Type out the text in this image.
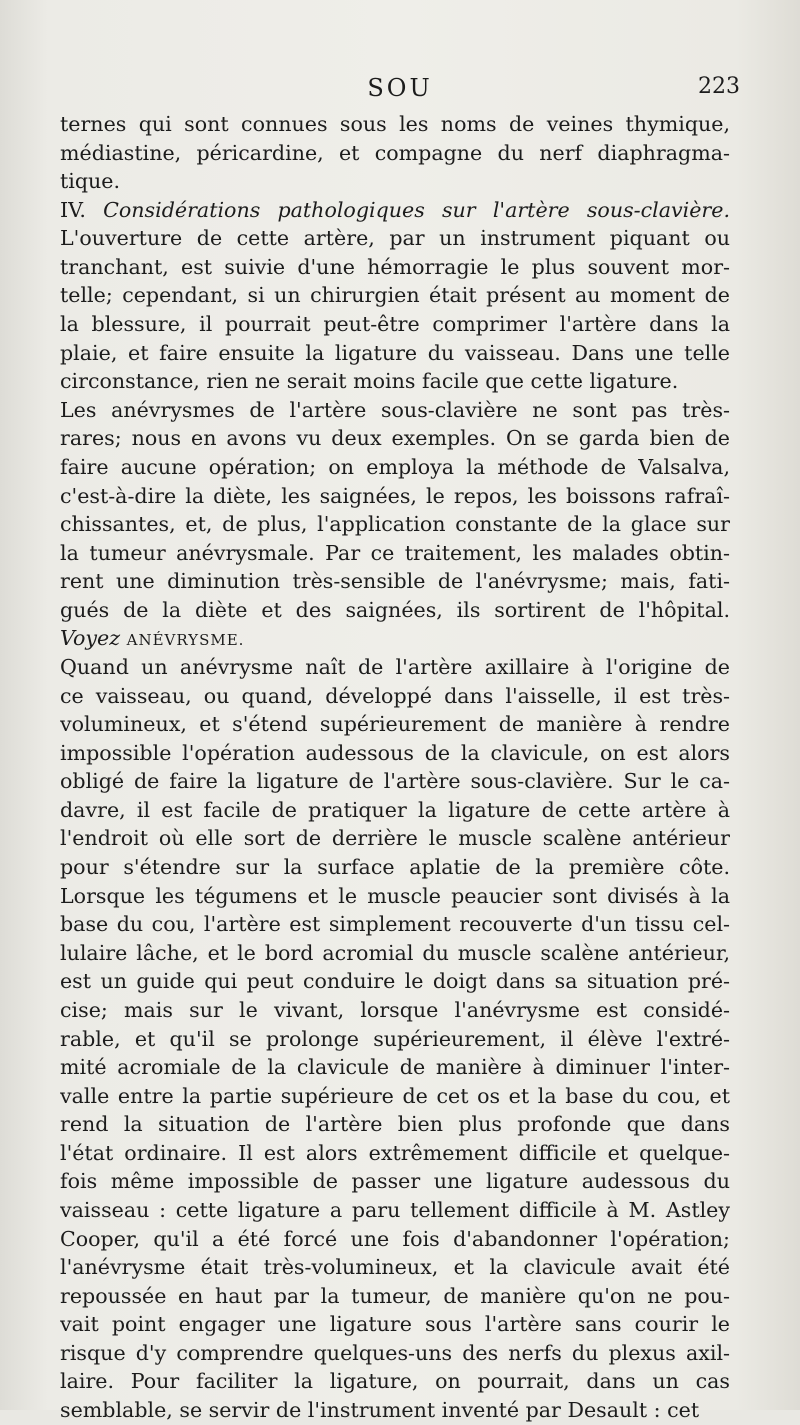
SOU	223
ternes qui sont connues sous les noms de veines thymique,
médiastine, péricardine, et compagne du nerf diaphragma-
tique.
IV. Considérations pathologiques sur l'artère sous-clavière.
L'ouverture de cette artère, par un instrument piquant ou
tranchant, est suivie d'une hémorragie le plus souvent mor-
telle; cependant, si un chirurgien était présent au moment de
la blessure, il pourrait peut-être comprimer l'artère dans la
plaie, et faire ensuite la ligature du vaisseau. Dans une telle
circonstance, rien ne serait moins facile que cette ligature.
Les anévrysmes de l'artère sous-clavière ne sont pas très-
rares; nous en avons vu deux exemples. On se garda bien de
faire aucune opération; on employa la méthode de Valsalva,
c'est-à-dire la diète, les saignées, le repos, les boissons rafraî-
chissantes, et, de plus, l'application constante de la glace sur
la tumeur anévrysmale. Par ce traitement, les malades obtin-
rent une diminution très-sensible de l'anévrysme; mais, fati-
gués de la diète et des saignées, ils sortirent de l'hôpital.
Voyez ANÉVRYSME.
Quand un anévrysme naît de l'artère axillaire à l'origine de
ce vaisseau, ou quand, développé dans l'aisselle, il est très-
volumineux, et s'étend supérieurement de manière à rendre
impossible l'opération audessous de la clavicule, on est alors
obligé de faire la ligature de l'artère sous-clavière. Sur le ca-
davre, il est facile de pratiquer la ligature de cette artère à
l'endroit où elle sort de derrière le muscle scalène antérieur
pour s'étendre sur la surface aplatie de la première côte.
Lorsque les tégumens et le muscle peaucier sont divisés à la
base du cou, l'artère est simplement recouverte d'un tissu cel-
lulaire lâche, et le bord acromial du muscle scalène antérieur,
est un guide qui peut conduire le doigt dans sa situation pré-
cise; mais sur le vivant, lorsque l'anévrysme est considé-
rable, et qu'il se prolonge supérieurement, il élève l'extré-
mité acromiale de la clavicule de manière à diminuer l'inter-
valle entre la partie supérieure de cet os et la base du cou, et
rend la situation de l'artère bien plus profonde que dans
l'état ordinaire. Il est alors extrêmement difficile et quelque-
fois même impossible de passer une ligature audessous du
vaisseau : cette ligature a paru tellement difficile à M. Astley
Cooper, qu'il a été forcé une fois d'abandonner l'opération;
l'anévrysme était très-volumineux, et la clavicule avait été
repoussée en haut par la tumeur, de manière qu'on ne pou-
vait point engager une ligature sous l'artère sans courir le
risque d'y comprendre quelques-uns des nerfs du plexus axil-
laire. Pour faciliter la ligature, on pourrait, dans un cas
semblable, se servir de l'instrument inventé par Desault : cet
